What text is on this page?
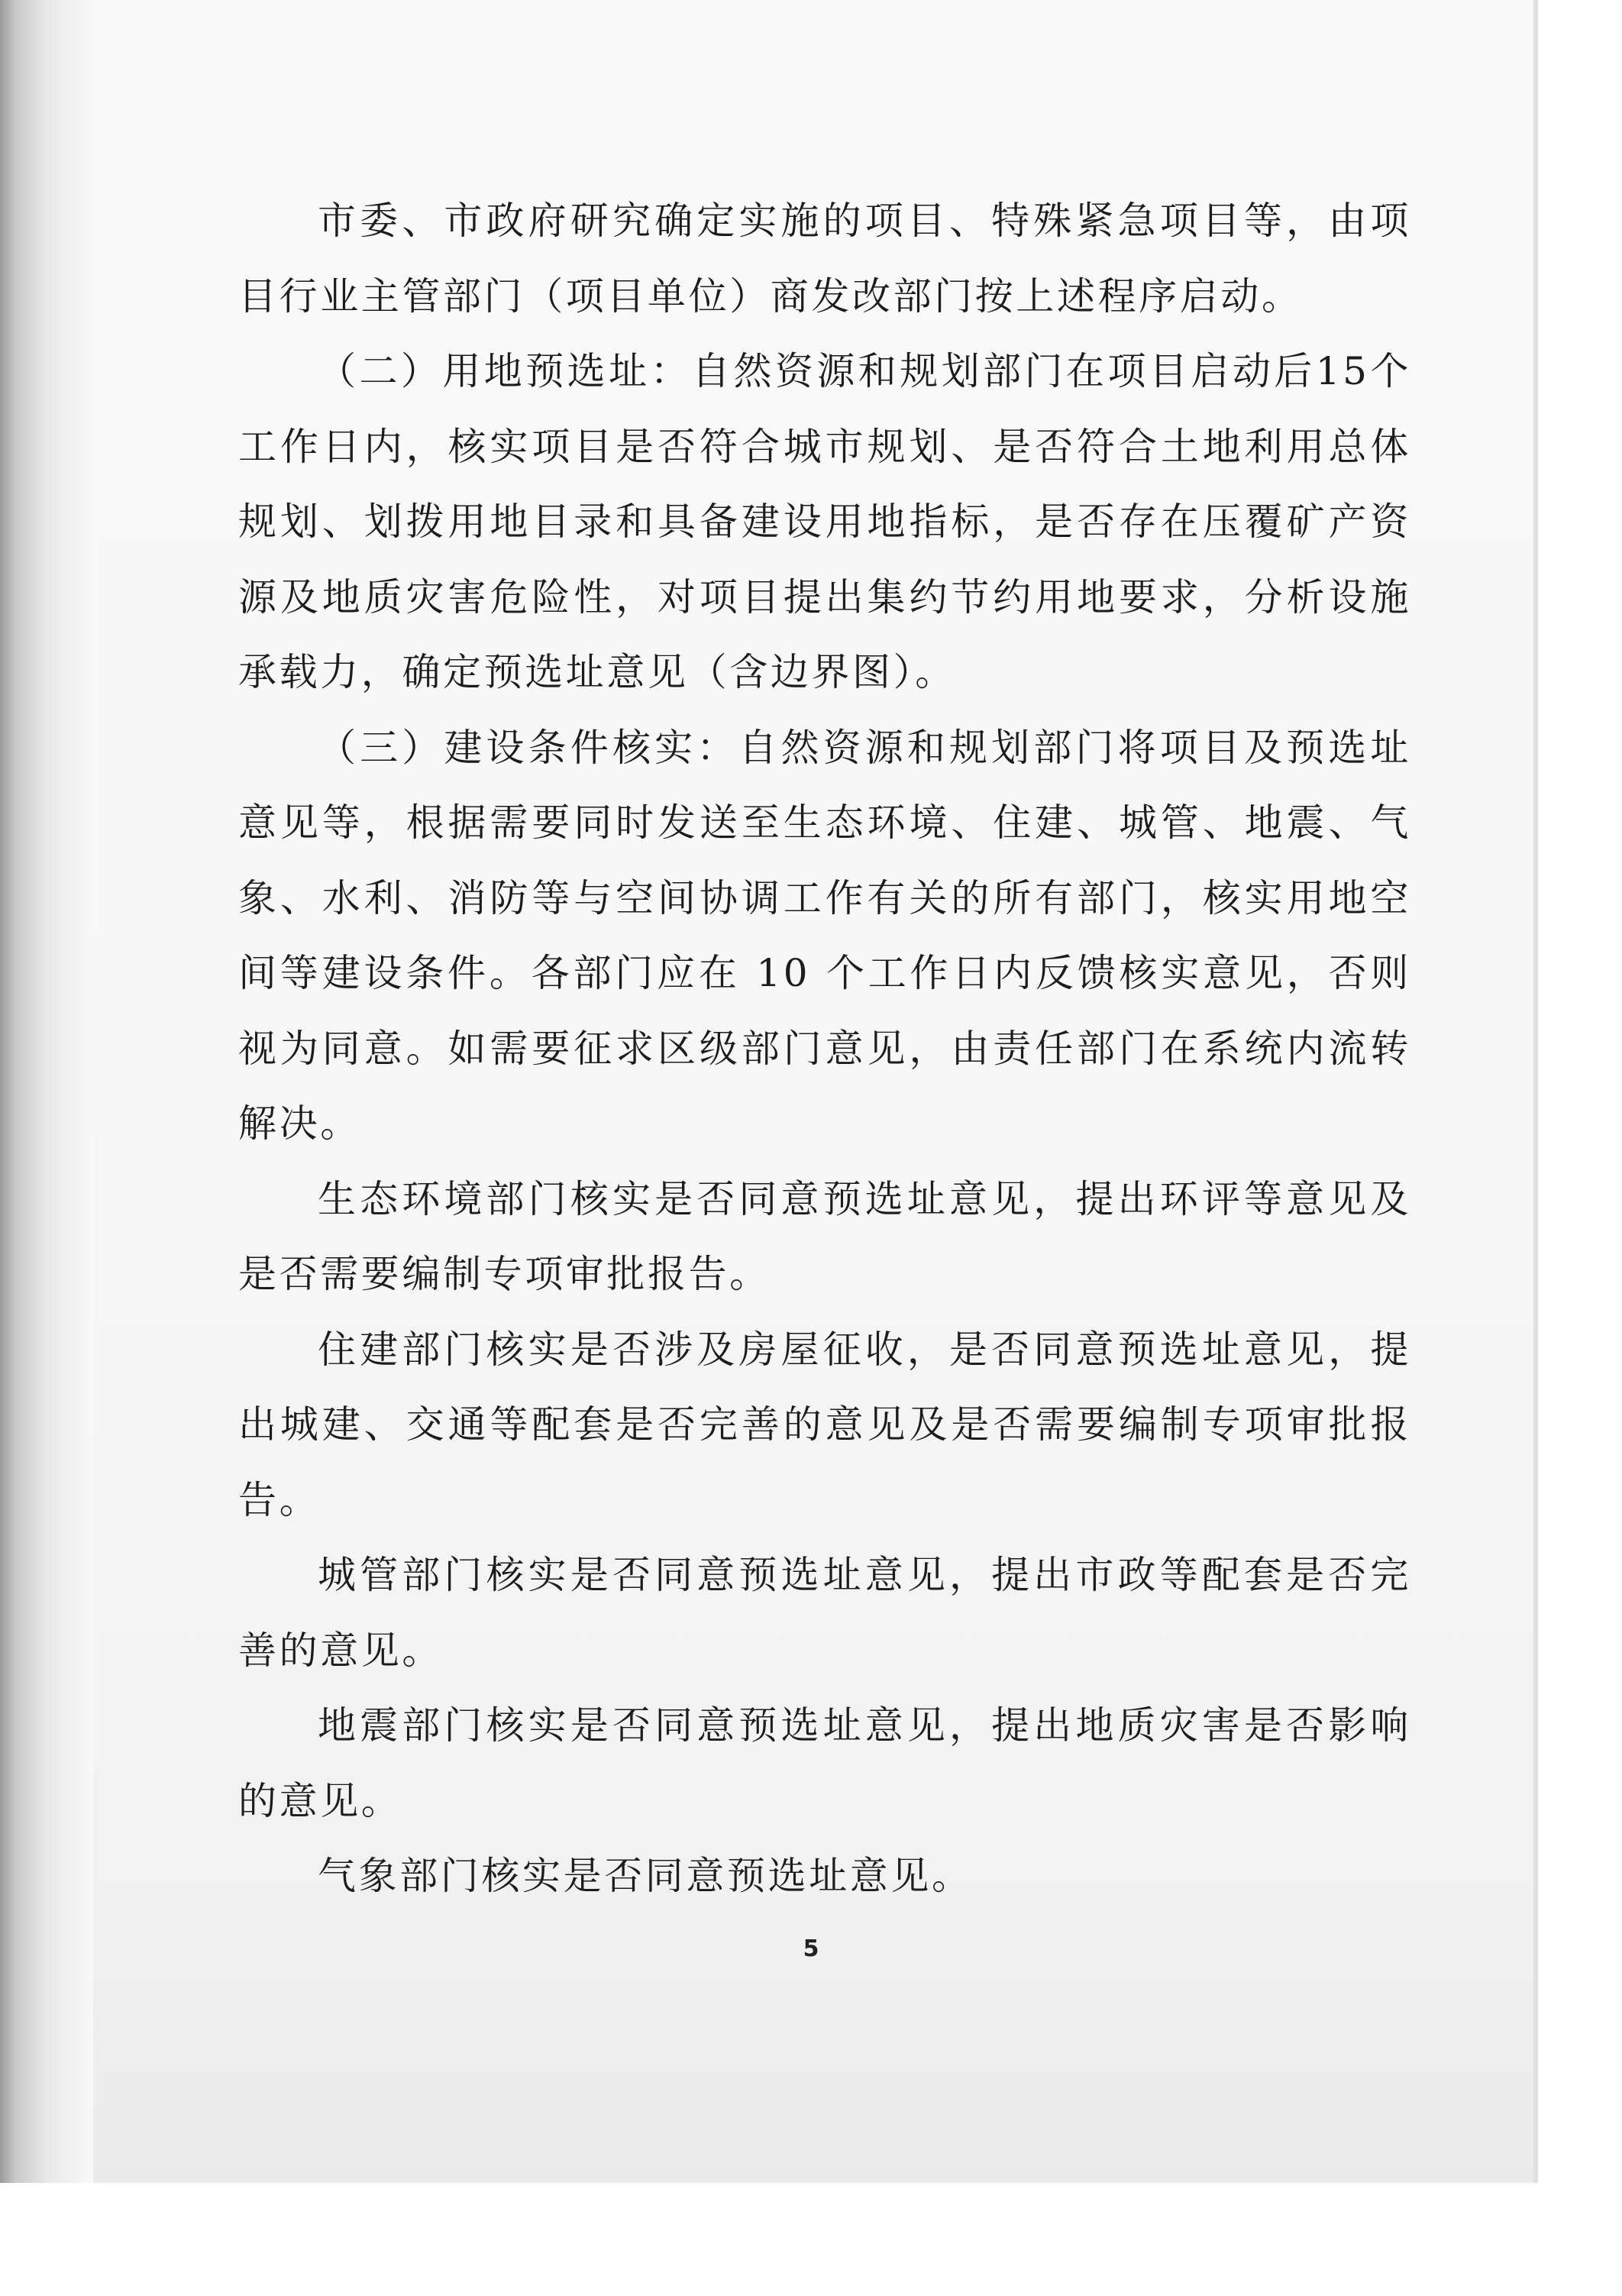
市委、市政府研究确定实施的项目、特殊紧急项目等，由项目行业主管部门（项目单位）商发改部门按上述程序启动。

（二）用地预选址：自然资源和规划部门在项目启动后15个工作日内，核实项目是否符合城市规划、是否符合土地利用总体规划、划拨用地目录和具备建设用地指标，是否存在压覆矿产资源及地质灾害危险性，对项目提出集约节约用地要求，分析设施承载力，确定预选址意见（含边界图）。

（三）建设条件核实：自然资源和规划部门将项目及预选址意见等，根据需要同时发送至生态环境、住建、城管、地震、气象、水利、消防等与空间协调工作有关的所有部门，核实用地空间等建设条件。各部门应在 10 个工作日内反馈核实意见，否则视为同意。如需要征求区级部门意见，由责任部门在系统内流转解决。

生态环境部门核实是否同意预选址意见，提出环评等意见及是否需要编制专项审批报告。

住建部门核实是否涉及房屋征收，是否同意预选址意见，提出城建、交通等配套是否完善的意见及是否需要编制专项审批报告。

城管部门核实是否同意预选址意见，提出市政等配套是否完善的意见。

地震部门核实是否同意预选址意见，提出地质灾害是否影响的意见。

气象部门核实是否同意预选址意见。

5
